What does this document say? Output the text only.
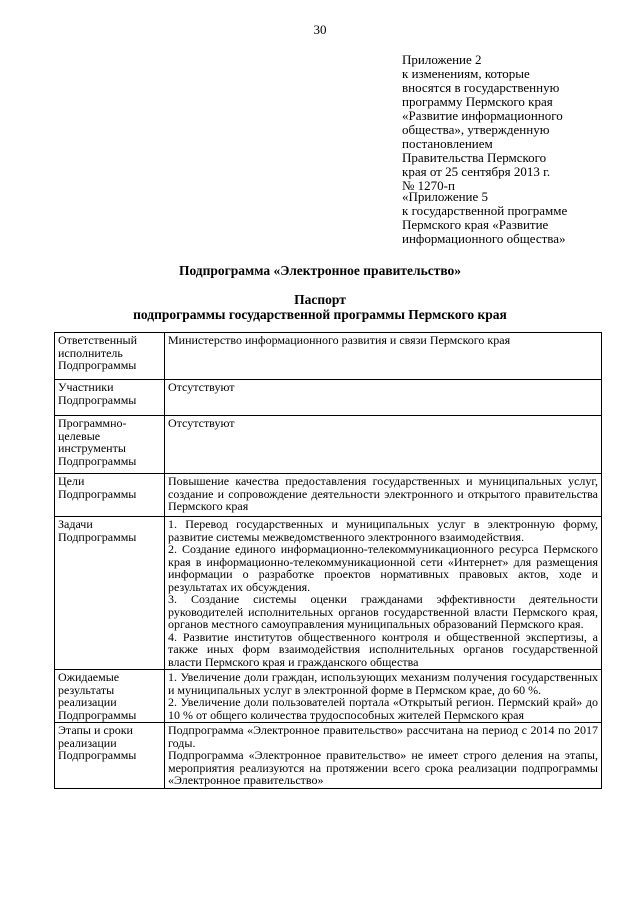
30
Приложение 2
к изменениям, которые
вносятся в государственную
программу Пермского края
«Развитие информационного
общества», утвержденную
постановлением
Правительства Пермского
края от 25 сентября 2013 г.
№ 1270-п
«Приложение 5
к государственной программе
Пермского края «Развитие
информационного общества»
Подпрограмма «Электронное правительство»
Паспорт
подпрограммы государственной программы Пермского края
Ответственный исполнитель Подпрограммы	Министерство информационного развития и связи Пермского края
Участники Подпрограммы	Отсутствуют
Программно-целевые инструменты Подпрограммы	Отсутствуют
Цели Подпрограммы	Повышение качества предоставления государственных и муниципальных услуг, создание и сопровождение деятельности электронного и открытого правительства Пермского края
Задачи Подпрограммы	1. Перевод государственных и муниципальных услуг в электронную форму, развитие системы межведомственного электронного взаимодействия.

2. Создание единого информационно-телекоммуникационного ресурса Пермского края в информационно-телекоммуникационной сети «Интернет» для размещения информации о разработке проектов нормативных правовых актов, ходе и результатах их обсуждения.

3. Создание системы оценки гражданами эффективности деятельности руководителей исполнительных органов государственной власти Пермского края, органов местного самоуправления муниципальных образований Пермского края.

4. Развитие институтов общественного контроля и общественной экспертизы, а также иных форм взаимодействия исполнительных органов государственной власти Пермского края и гражданского общества

Ожидаемые результаты реализации Подпрограммы	1. Увеличение доли граждан, использующих механизм получения государственных и муниципальных услуг в электронной форме в Пермском крае, до 60 %.

2. Увеличение доли пользователей портала «Открытый регион. Пермский край» до 10 % от общего количества трудоспособных жителей Пермского края

Этапы и сроки реализации Подпрограммы	Подпрограмма «Электронное правительство» рассчитана на период с 2014 по 2017 годы.

Подпрограмма «Электронное правительство» не имеет строго деления на этапы, мероприятия реализуются на протяжении всего срока реализации подпрограммы «Электронное правительство»
